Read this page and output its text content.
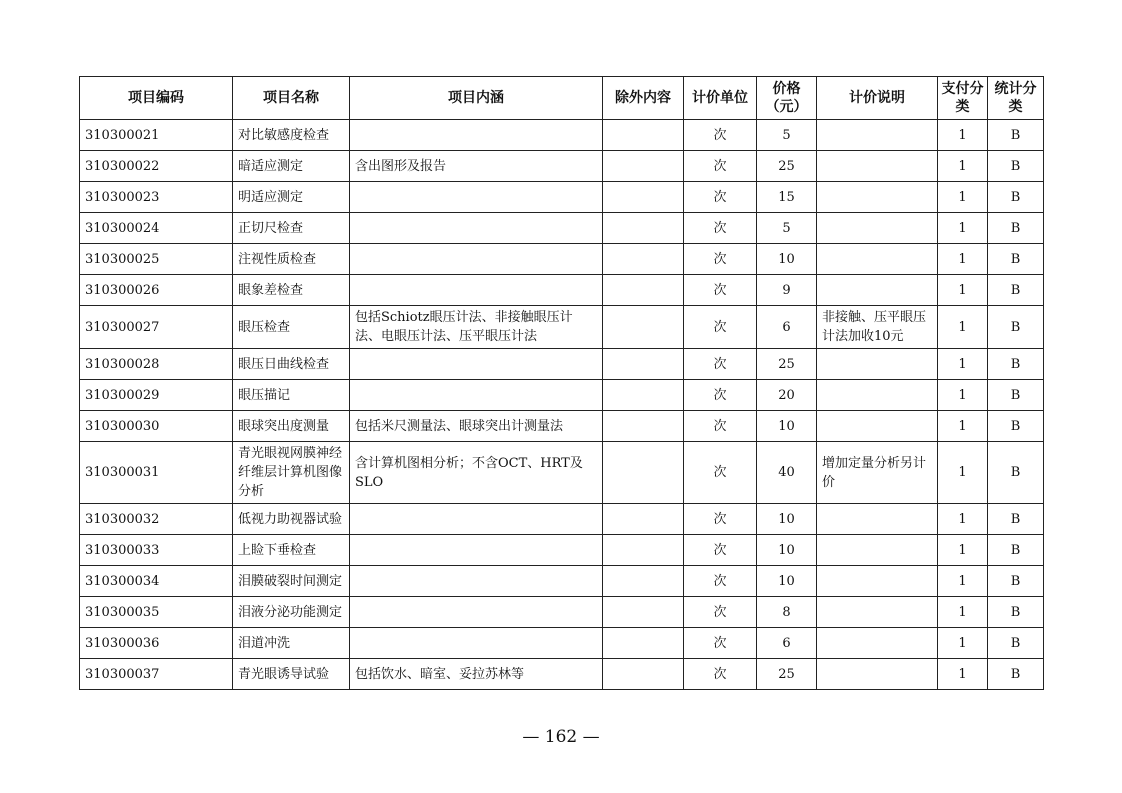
项目编码	项目名称	项目内涵	除外内容	计价单位	价格（元）	计价说明	支付分类	统计分类
310300021	对比敏感度检查			次	5		1	B
310300022	暗适应测定	含出图形及报告		次	25		1	B
310300023	明适应测定			次	15		1	B
310300024	正切尺检查			次	5		1	B
310300025	注视性质检查			次	10		1	B
310300026	眼象差检查			次	9		1	B
310300027	眼压检查	包括Schiotz眼压计法、非接触眼压计法、电眼压计法、压平眼压计法		次	6	非接触、压平眼压计法加收10元	1	B
310300028	眼压日曲线检查			次	25		1	B
310300029	眼压描记			次	20		1	B
310300030	眼球突出度测量	包括米尺测量法、眼球突出计测量法		次	10		1	B
310300031	青光眼视网膜神经纤维层计算机图像分析	含计算机图相分析；不含OCT、HRT及SLO		次	40	增加定量分析另计价	1	B
310300032	低视力助视器试验			次	10		1	B
310300033	上睑下垂检查			次	10		1	B
310300034	泪膜破裂时间测定			次	10		1	B
310300035	泪液分泌功能测定			次	8		1	B
310300036	泪道冲洗			次	6		1	B
310300037	青光眼诱导试验	包括饮水、暗室、妥拉苏林等		次	25		1	B
— 162 —
